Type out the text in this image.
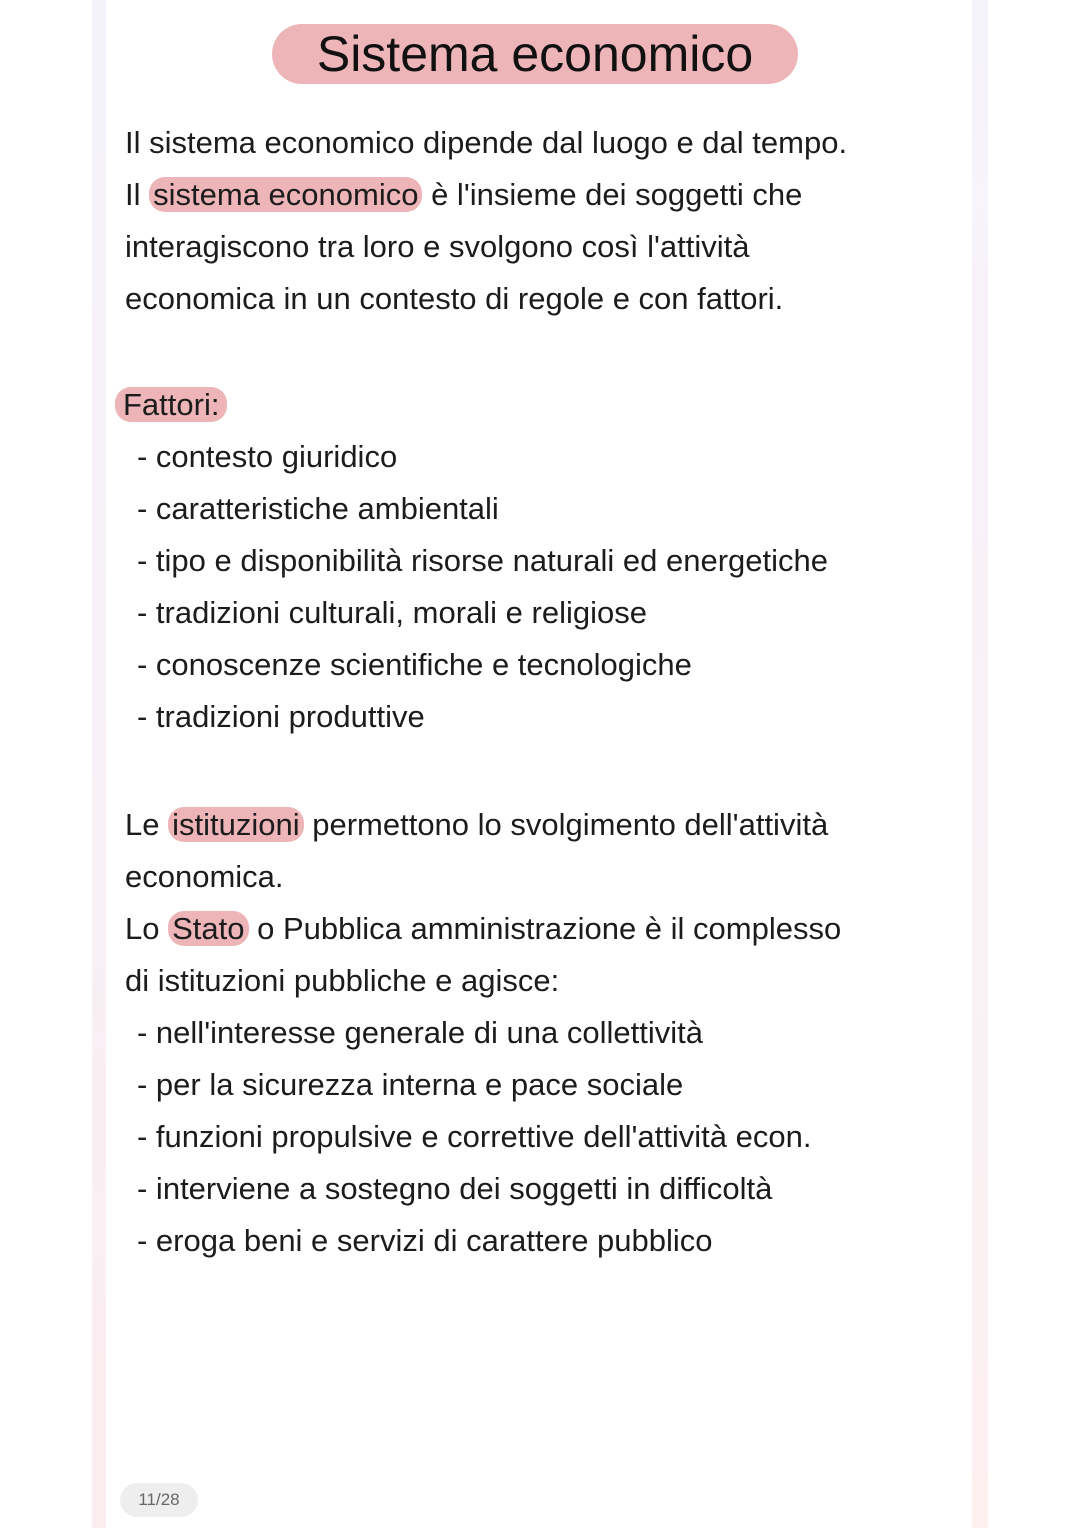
Sistema economico
Il sistema economico dipende dal luogo e dal tempo.
Il sistema economico è l'insieme dei soggetti che
interagiscono tra loro e svolgono così l'attività
economica in un contesto di regole e con fattori.
Fattori:
- contesto giuridico
- caratteristiche ambientali
- tipo e disponibilità risorse naturali ed energetiche
- tradizioni culturali, morali e religiose
- conoscenze scientifiche e tecnologiche
- tradizioni produttive
Le istituzioni permettono lo svolgimento dell'attività
economica.
Lo Stato o Pubblica amministrazione è il complesso
di istituzioni pubbliche e agisce:
- nell'interesse generale di una collettività
- per la sicurezza interna e pace sociale
- funzioni propulsive e correttive dell'attività econ.
- interviene a sostegno dei soggetti in difficoltà
- eroga beni e servizi di carattere pubblico
11/28
